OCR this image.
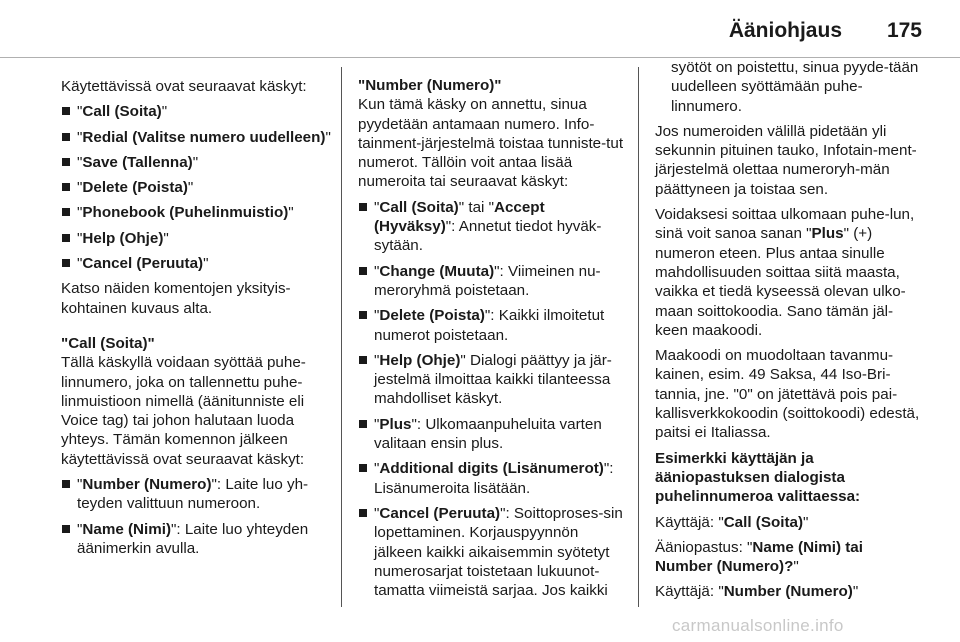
Ääniohjaus 175

Käytettävissä ovat seuraavat käskyt:

"Call (Soita)"
"Redial (Valitse numero uudelleen)"
"Save (Tallenna)"
"Delete (Poista)"
"Phonebook (Puhelinmuistio)"
"Help (Ohje)"
"Cancel (Peruuta)"

Katso näiden komentojen yksityis-kohtainen kuvaus alta.

"Call (Soita)"

Tällä käskyllä voidaan syöttää puhe-linnumero, joka on tallennettu puhe-linmuistioon nimellä (äänitunniste eli Voice tag) tai johon halutaan luoda yhteys. Tämän komennon jälkeen käytettävissä ovat seuraavat käskyt:

"Number (Numero)": Laite luo yh-teyden valittuun numeroon.
"Name (Nimi)": Laite luo yhteyden äänimerkin avulla.

"Number (Numero)"

Kun tämä käsky on annettu, sinua pyydetään antamaan numero. Info-tainment-järjestelmä toistaa tunniste-tut numerot. Tällöin voit antaa lisää numeroita tai seuraavat käskyt:

"Call (Soita)" tai "Accept (Hyväksy)": Annetut tiedot hyväk-sytään.
"Change (Muuta)": Viimeinen nu-meroryhmä poistetaan.
"Delete (Poista)": Kaikki ilmoitetut numerot poistetaan.
"Help (Ohje)" Dialogi päättyy ja jär-jestelmä ilmoittaa kaikki tilanteessa mahdolliset käskyt.
"Plus": Ulkomaanpuheluita varten valitaan ensin plus.
"Additional digits (Lisänumerot)": Lisänumeroita lisätään.
"Cancel (Peruuta)": Soittoproses-sin lopettaminen. Korjauspyynnön jälkeen kaikki aikaisemmin syötetyt numerosarjat toistetaan lukuunot-tamatta viimeistä sarjaa. Jos kaikki
syötöt on poistettu, sinua pyyde-tään uudelleen syöttämään puhe-linnumero.

Jos numeroiden välillä pidetään yli sekunnin pituinen tauko, Infotain-ment-järjestelmä olettaa numeroryh-män päättyneen ja toistaa sen.

Voidaksesi soittaa ulkomaan puhe-lun, sinä voit sanoa sanan "Plus" (+) numeron eteen. Plus antaa sinulle mahdollisuuden soittaa siitä maasta, vaikka et tiedä kyseessä olevan ulko-maan soittokoodia. Sano tämän jäl-keen maakoodi.

Maakoodi on muodoltaan tavanmu-kainen, esim. 49 Saksa, 44 Iso-Bri-tannia, jne. "0" on jätettävä pois pai-kallisverkkokoodin (soittokoodi) edestä, paitsi ei Italiassa.

Esimerkki käyttäjän ja ääniopastuksen dialogista puhelinnumeroa valittaessa:

Käyttäjä: "Call (Soita)"

Ääniopastus: "Name (Nimi) tai Number (Numero)?"

Käyttäjä: "Number (Numero)"

carmanualsonline.info
